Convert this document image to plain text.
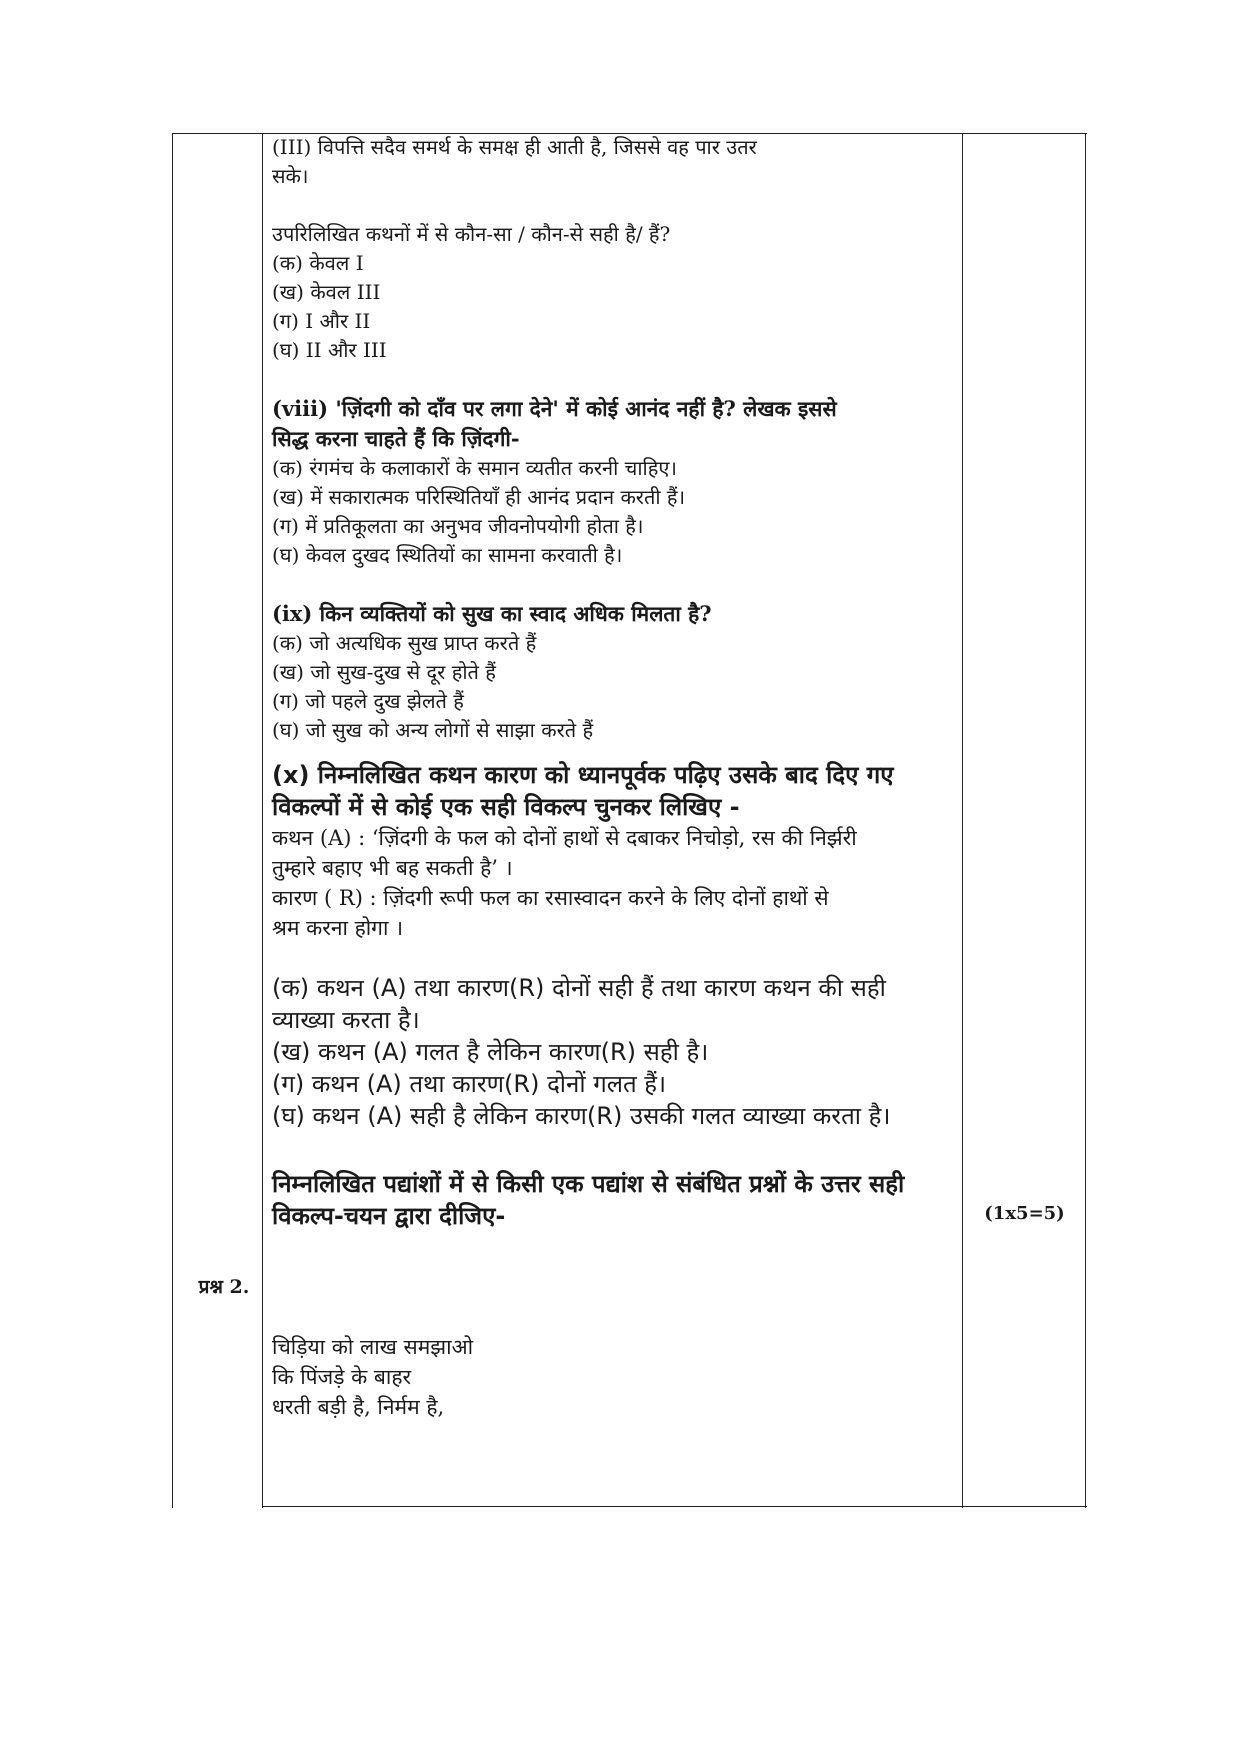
प्रश्न 2.
(1x5=5)

(III) विपत्ति सदैव समर्थ के समक्ष ही आती है, जिससे वह पार उतर

सके।

उपरिलिखित कथनों में से कौन-सा / कौन-से सही है/ हैं?

(क) केवल I

(ख) केवल III

(ग) I और II

(घ) II और III

(viii) 'ज़िंदगी को दाँव पर लगा देने' में कोई आनंद नहीं है? लेखक इससे

सिद्ध करना चाहते हैं कि ज़िंदगी-

(क) रंगमंच के कलाकारों के समान व्यतीत करनी चाहिए।

(ख) में सकारात्मक परिस्थितियाँ ही आनंद प्रदान करती हैं।

(ग) में प्रतिकूलता का अनुभव जीवनोपयोगी होता है।

(घ) केवल दुखद स्थितियों का सामना करवाती है।

(ix) किन व्यक्तियों को सुख का स्वाद अधिक मिलता है?

(क) जो अत्यधिक सुख प्राप्त करते हैं

(ख) जो सुख-दुख से दूर होते हैं

(ग) जो पहले दुख झेलते हैं

(घ) जो सुख को अन्य लोगों से साझा करते हैं

(x) निम्नलिखित कथन कारण को ध्यानपूर्वक पढ़िए उसके बाद दिए गए

विकल्पों में से कोई एक सही विकल्प चुनकर लिखिए -

कथन (A) : ‘ज़िंदगी के फल को दोनों हाथों से दबाकर निचोड़ो, रस की निर्झरी

तुम्हारे बहाए भी बह सकती है’ ।

कारण ( R) : ज़िंदगी रूपी फल का रसास्वादन करने के लिए दोनों हाथों से

श्रम करना होगा ।

(क) कथन (A) तथा कारण(R) दोनों सही हैं तथा कारण कथन की सही

व्याख्या करता है।

(ख) कथन (A) गलत है लेकिन कारण(R) सही है।

(ग) कथन (A) तथा कारण(R) दोनों गलत हैं।

(घ) कथन (A) सही है लेकिन कारण(R) उसकी गलत व्याख्या करता है।

निम्नलिखित पद्यांशों में से किसी एक पद्यांश से संबंधित प्रश्नों के उत्तर सही

विकल्प-चयन द्वारा दीजिए-

चिड़िया को लाख समझाओ

कि पिंजड़े के बाहर

धरती बड़ी है, निर्मम है,
